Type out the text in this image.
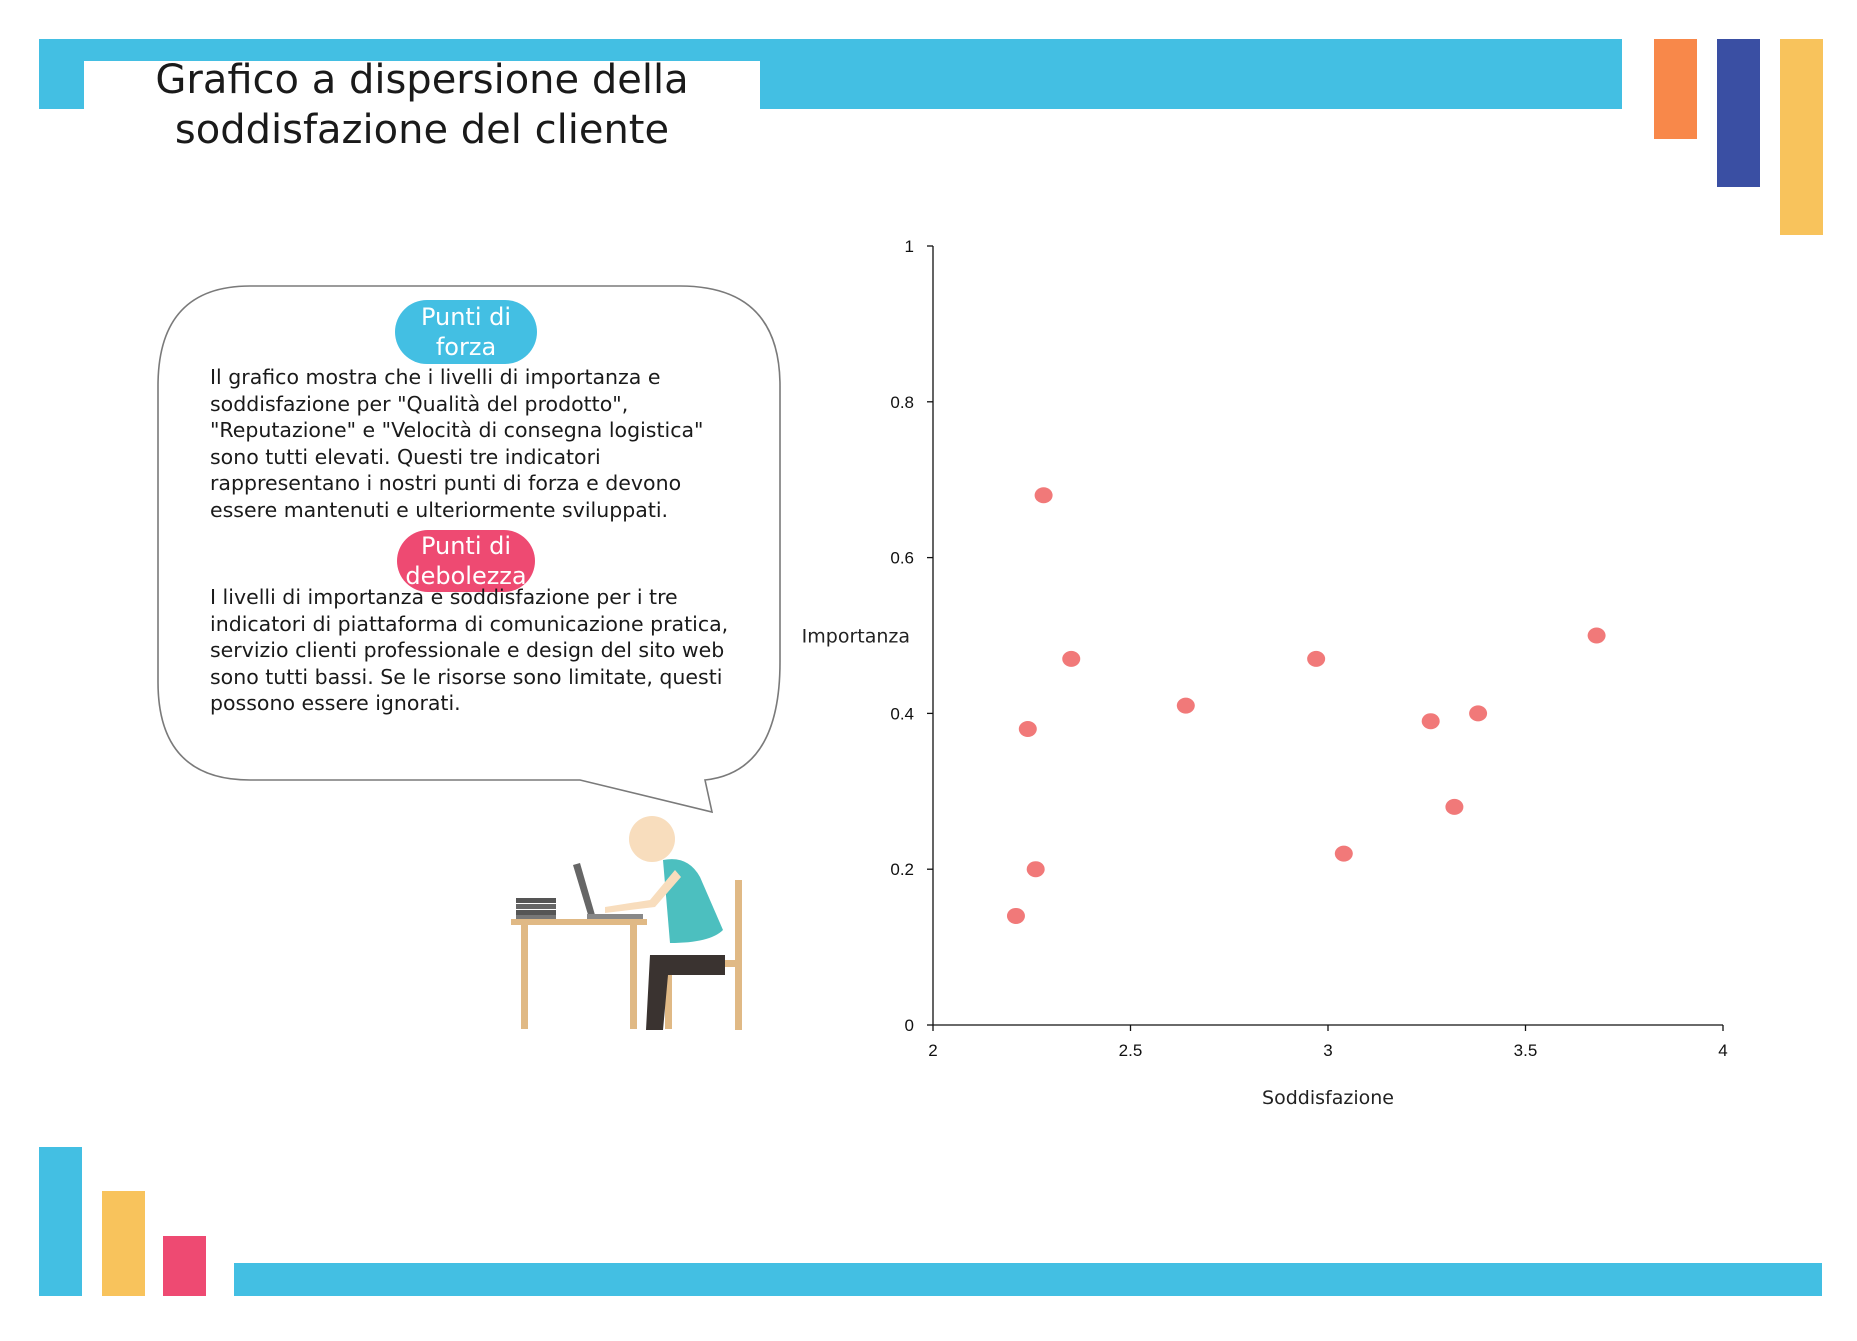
Grafico a dispersione della soddisfazione del cliente
Punti di forza
Il grafico mostra che i livelli di importanza e soddisfazione per "Qualità del prodotto", "Reputazione" e "Velocità di consegna logistica" sono tutti elevati. Questi tre indicatori rappresentano i nostri punti di forza e devono essere mantenuti e ulteriormente sviluppati.
Punti di debolezza
I livelli di importanza e soddisfazione per i tre indicatori di piattaforma di comunicazione pratica, servizio clienti professionale e design del sito web sono tutti bassi. Se le risorse sono limitate, questi possono essere ignorati.
0
0.2
0.4
0.6
0.8
1
2	2.5	3	3.5	4
Soddisfazione
Importanza
